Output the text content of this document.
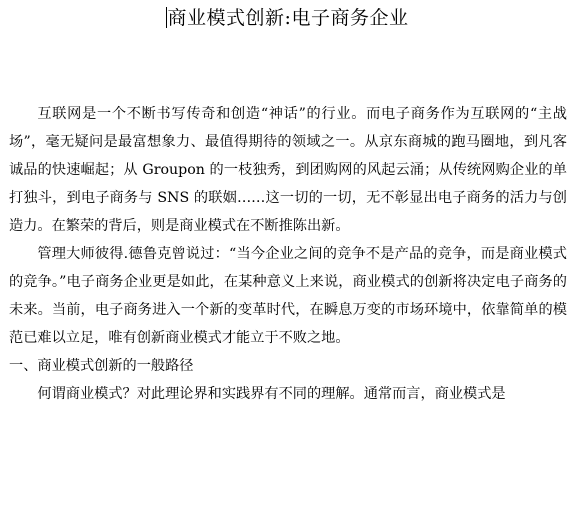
商业模式创新:电子商务企业

互联网是一个不断书写传奇和创造“神话”的行业。而电子商务作为互联网的“主战场”，毫无疑问是最富想象力、最值得期待的领域之一。从京东商城的跑马圈地，到凡客诚品的快速崛起；从 Groupon 的一枝独秀，到团购网的风起云涌；从传统网购企业的单打独斗，到电子商务与 SNS 的联姻……这一切的一切，无不彰显出电子商务的活力与创造力。在繁荣的背后，则是商业模式在不断推陈出新。

管理大师彼得.德鲁克曾说过：“当今企业之间的竞争不是产品的竞争，而是商业模式的竞争。”电子商务企业更是如此，在某种意义上来说，商业模式的创新将决定电子商务的未来。当前，电子商务进入一个新的变革时代，在瞬息万变的市场环境中，依靠简单的模范已难以立足，唯有创新商业模式才能立于不败之地。

一、商业模式创新的一般路径

何谓商业模式？对此理论界和实践界有不同的理解。通常而言，商业模式是
